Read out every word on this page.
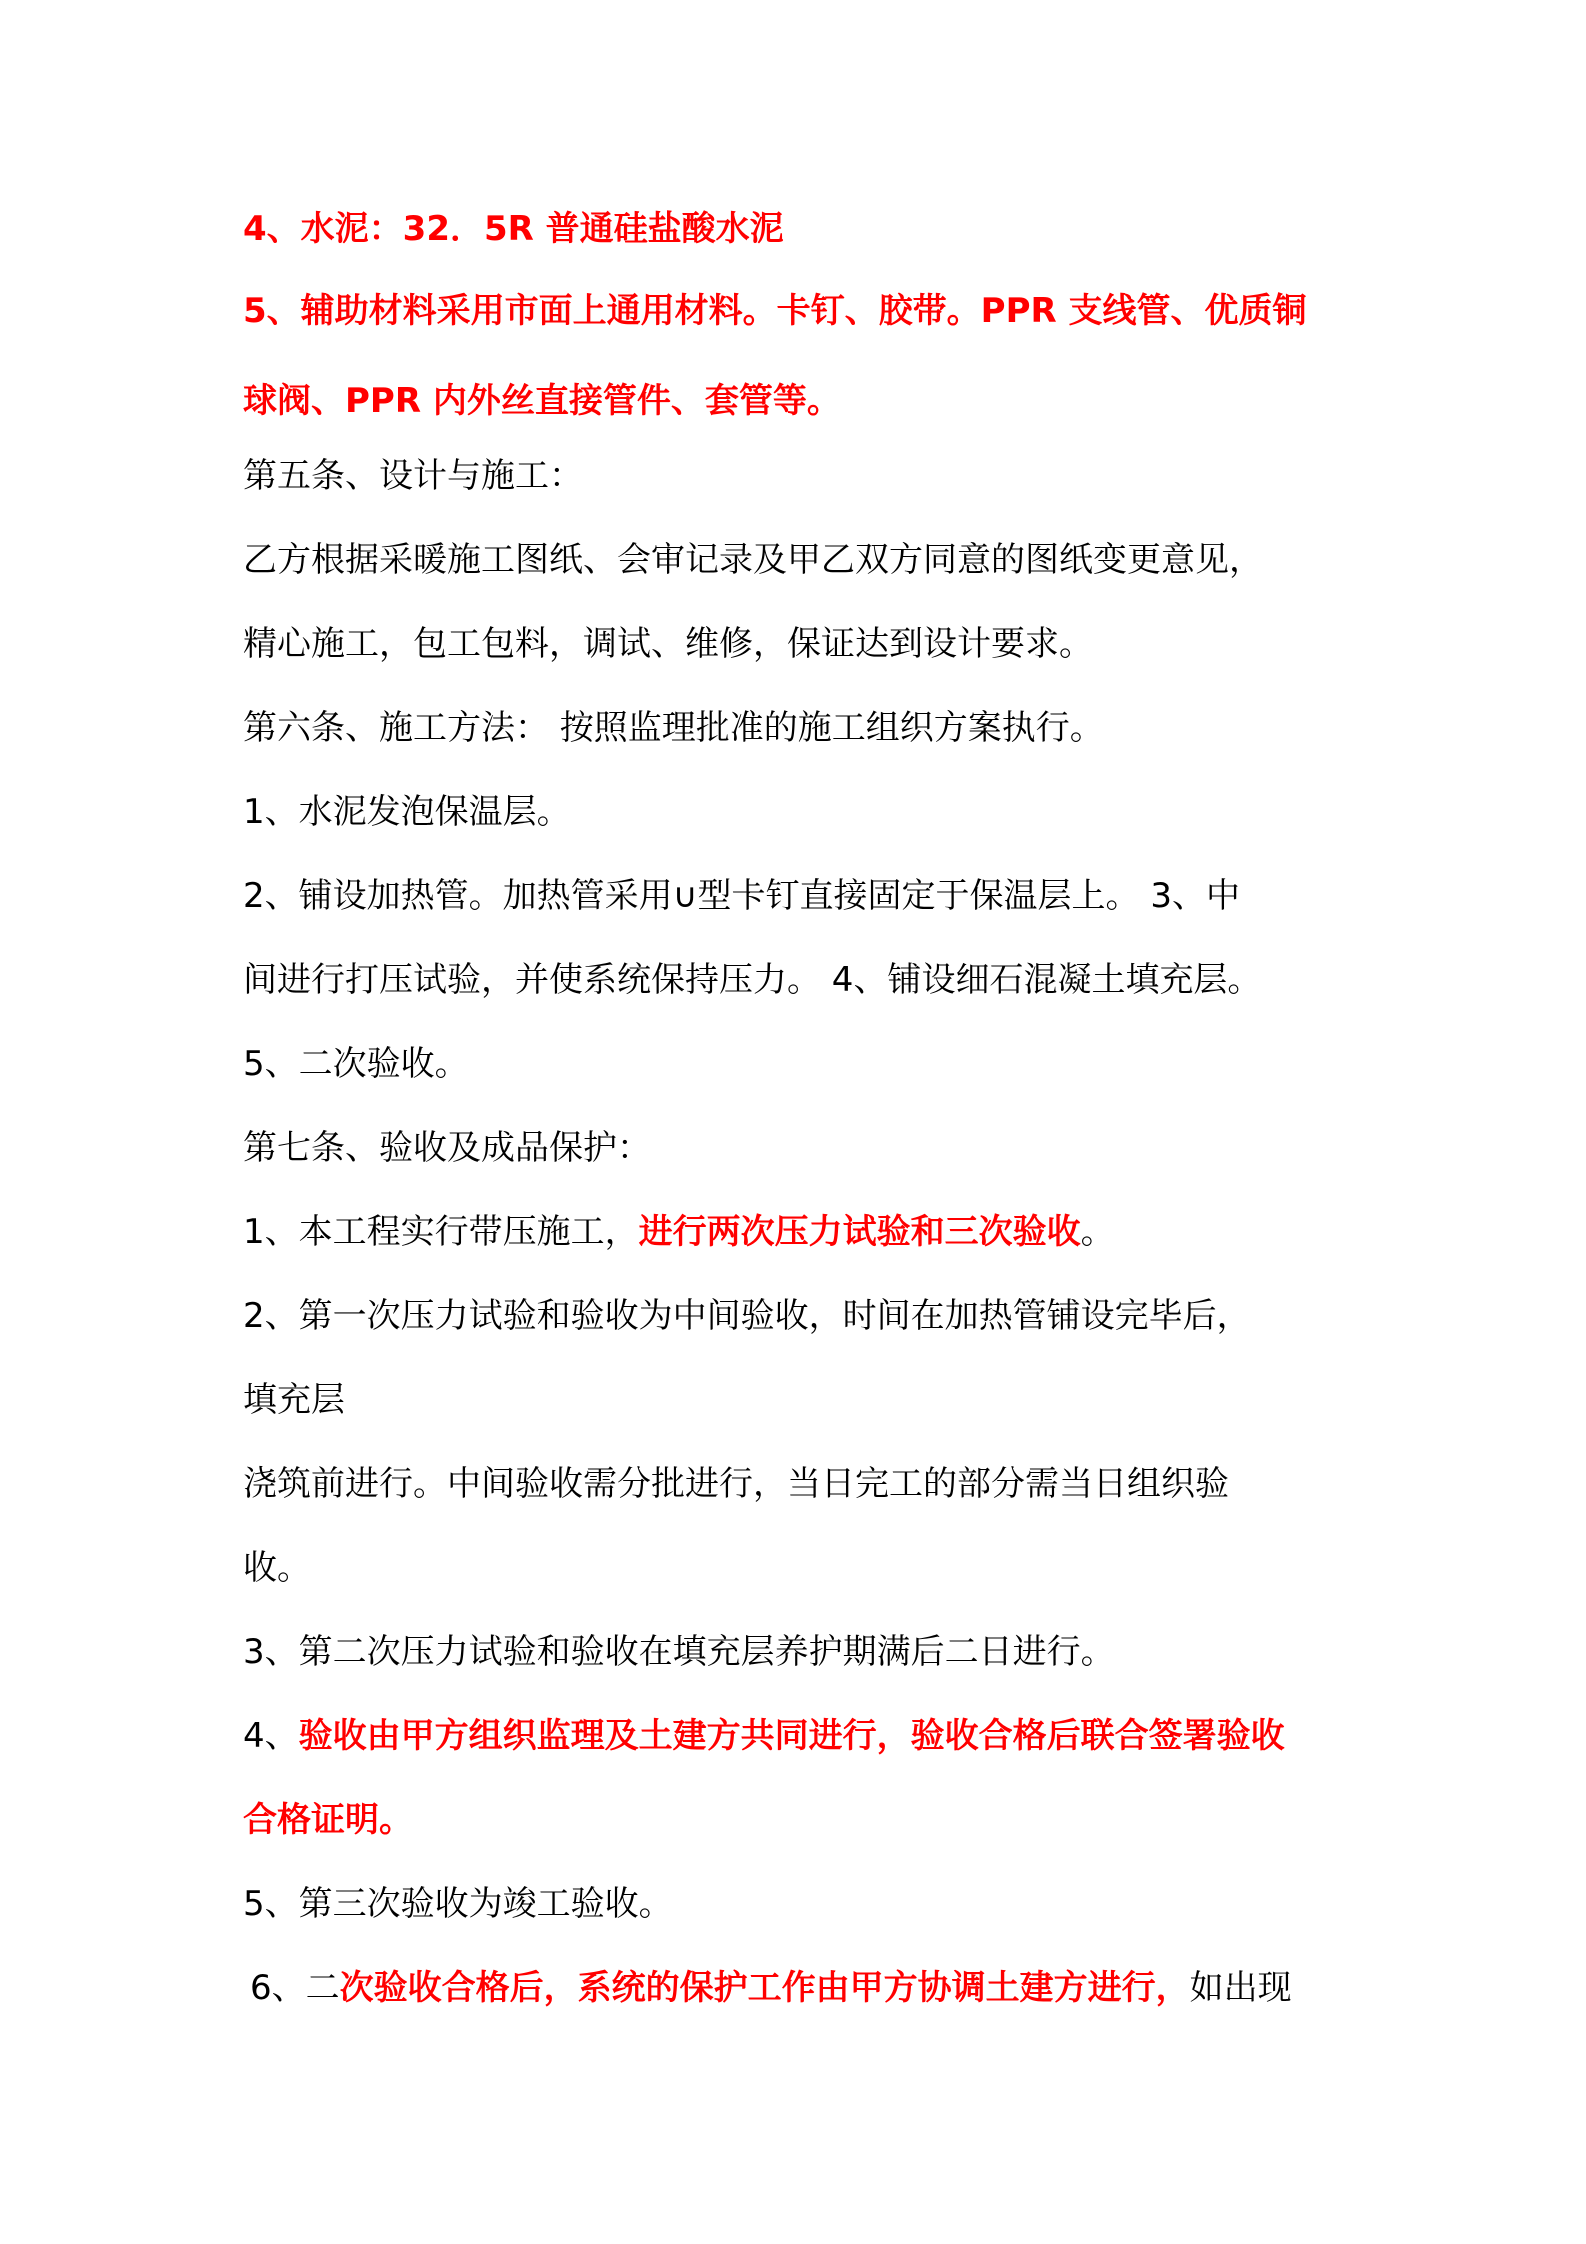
4、水泥：32．5R 普通硅盐酸水泥
5、辅助材料采用市面上通用材料。卡钉、胶带。PPR 支线管、优质铜
球阀、PPR 内外丝直接管件、套管等。
第五条、设计与施工：
乙方根据采暖施工图纸、会审记录及甲乙双方同意的图纸变更意见，
精心施工，包工包料，调试、维修，保证达到设计要求。
第六条、施工方法： 按照监理批准的施工组织方案执行。
1、水泥发泡保温层。
2、铺设加热管。加热管采用∪型卡钉直接固定于保温层上。 3、中
间进行打压试验，并使系统保持压力。 4、铺设细石混凝土填充层。
5、二次验收。
第七条、验收及成品保护：
1、本工程实行带压施工，进行两次压力试验和三次验收。
2、第一次压力试验和验收为中间验收，时间在加热管铺设完毕后，
填充层
浇筑前进行。中间验收需分批进行，当日完工的部分需当日组织验
收。
3、第二次压力试验和验收在填充层养护期满后二日进行。
4、验收由甲方组织监理及土建方共同进行，验收合格后联合签署验收
合格证明。
5、第三次验收为竣工验收。
6、二次验收合格后，系统的保护工作由甲方协调土建方进行，如出现
